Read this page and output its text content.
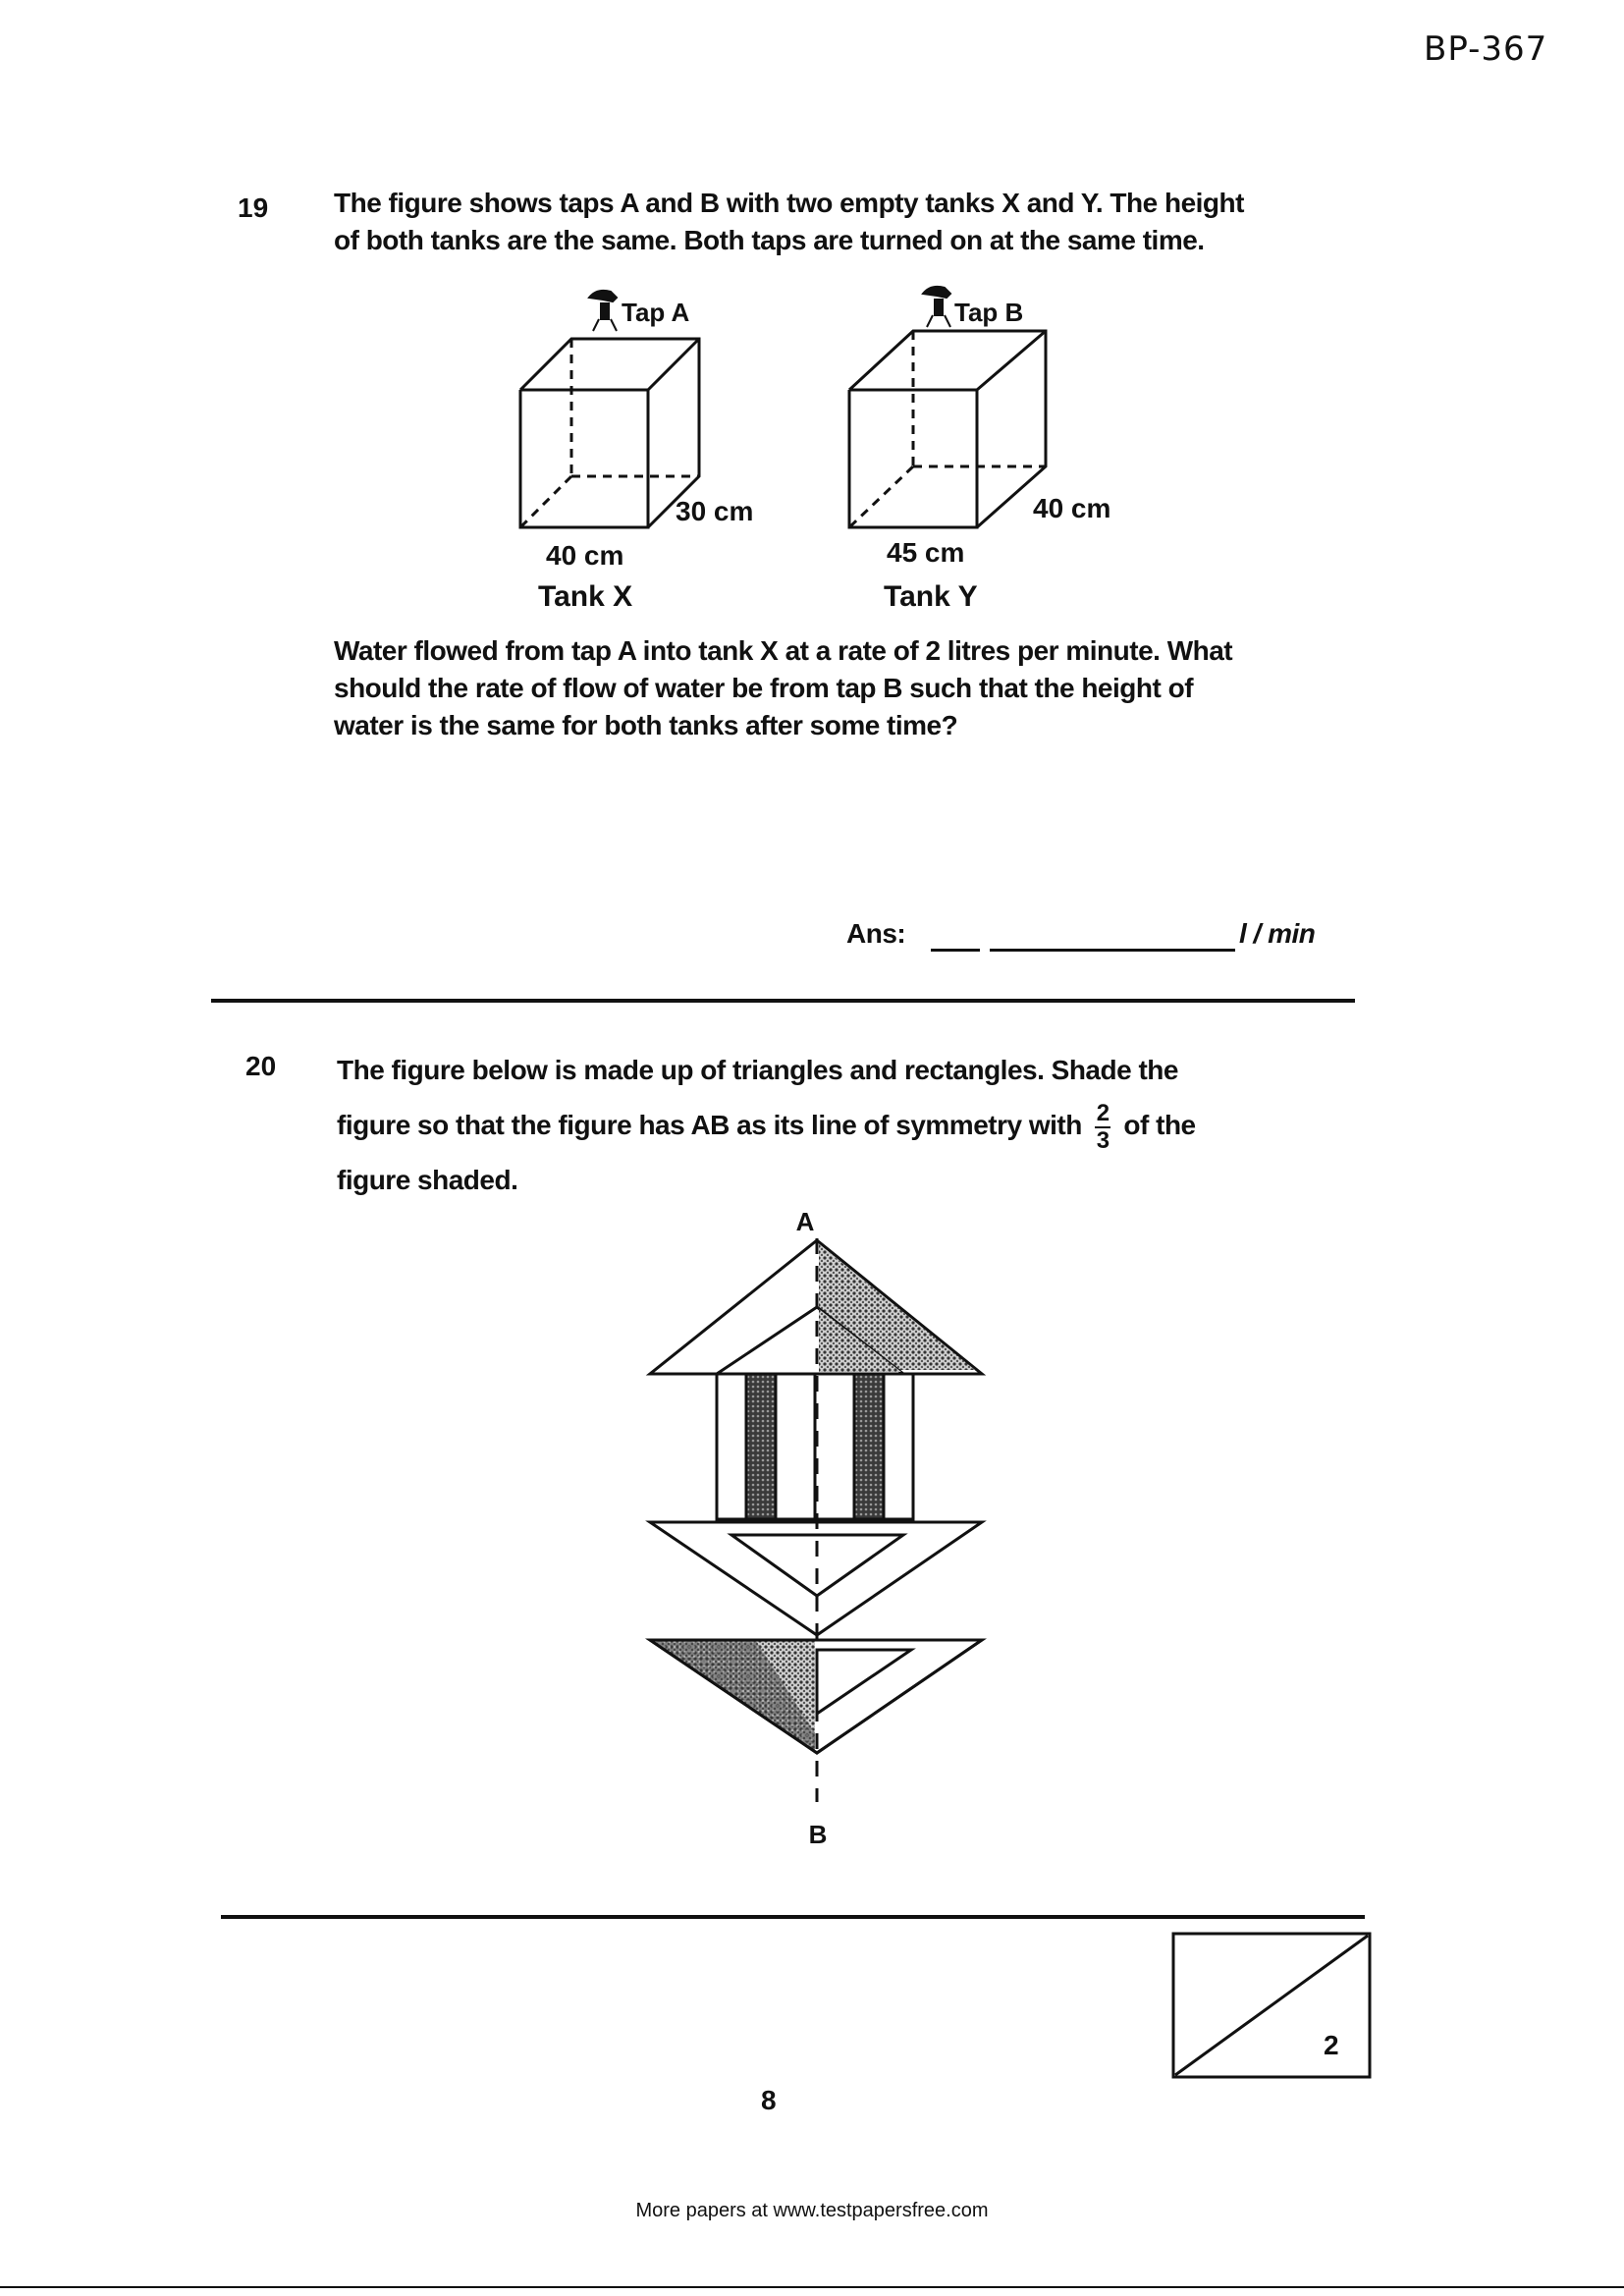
BP-367
19 The figure shows taps A and B with two empty tanks X and Y. The height
of both tanks are the same. Both taps are turned on at the same time.
Tap A
30 cm
40 cm
Tank X
Tap B
40 cm
45 cm
Tank Y
Water flowed from tap A into tank X at a rate of 2 litres per minute. What
should the rate of flow of water be from tap B such that the height of
water is the same for both tanks after some time?
Ans:	l / min
20 The figure below is made up of triangles and rectangles. Shade the
figure so that the figure has AB as its line of symmetry with $\frac{2}{3}$ of the
figure shaded.
A
B
2
8
More papers at www.testpapersfree.com
